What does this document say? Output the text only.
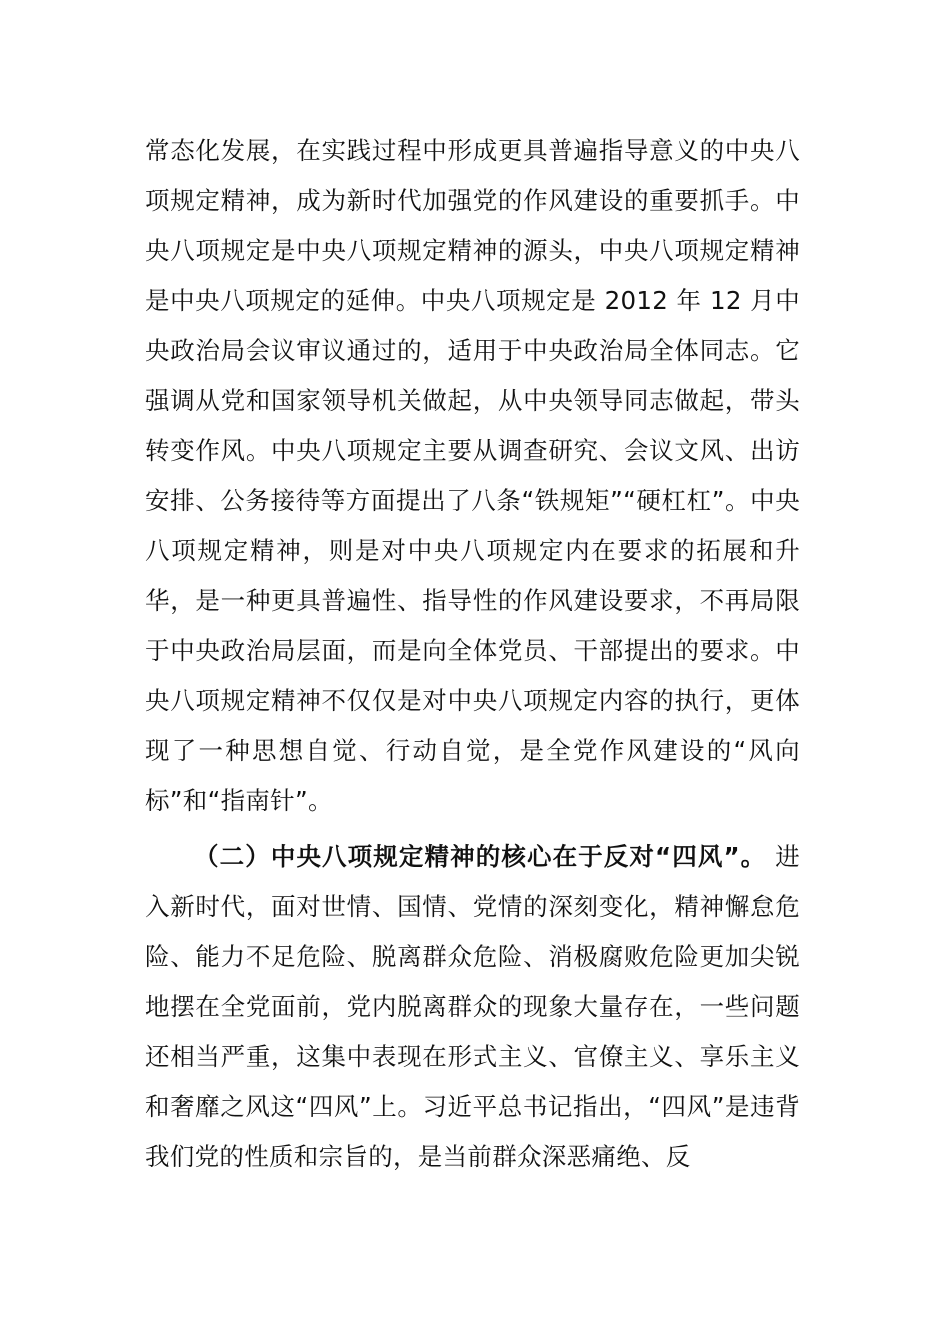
常态化发展，在实践过程中形成更具普遍指导意义的中央八项规定精神，成为新时代加强党的作风建设的重要抓手。中央八项规定是中央八项规定精神的源头，中央八项规定精神是中央八项规定的延伸。中央八项规定是 2012 年 12 月中央政治局会议审议通过的，适用于中央政治局全体同志。它强调从党和国家领导机关做起，从中央领导同志做起，带头转变作风。中央八项规定主要从调查研究、会议文风、出访安排、公务接待等方面提出了八条“铁规矩”“硬杠杠”。中央八项规定精神，则是对中央八项规定内在要求的拓展和升华，是一种更具普遍性、指导性的作风建设要求，不再局限于中央政治局层面，而是向全体党员、干部提出的要求。中央八项规定精神不仅仅是对中央八项规定内容的执行，更体现了一种思想自觉、行动自觉，是全党作风建设的“风向标”和“指南针”。

（二）中央八项规定精神的核心在于反对“四风”。 进入新时代，面对世情、国情、党情的深刻变化，精神懈怠危险、能力不足危险、脱离群众危险、消极腐败危险更加尖锐地摆在全党面前，党内脱离群众的现象大量存在，一些问题还相当严重，这集中表现在形式主义、官僚主义、享乐主义和奢靡之风这“四风”上。习近平总书记指出，“四风”是违背我们党的性质和宗旨的，是当前群众深恶痛绝、反
